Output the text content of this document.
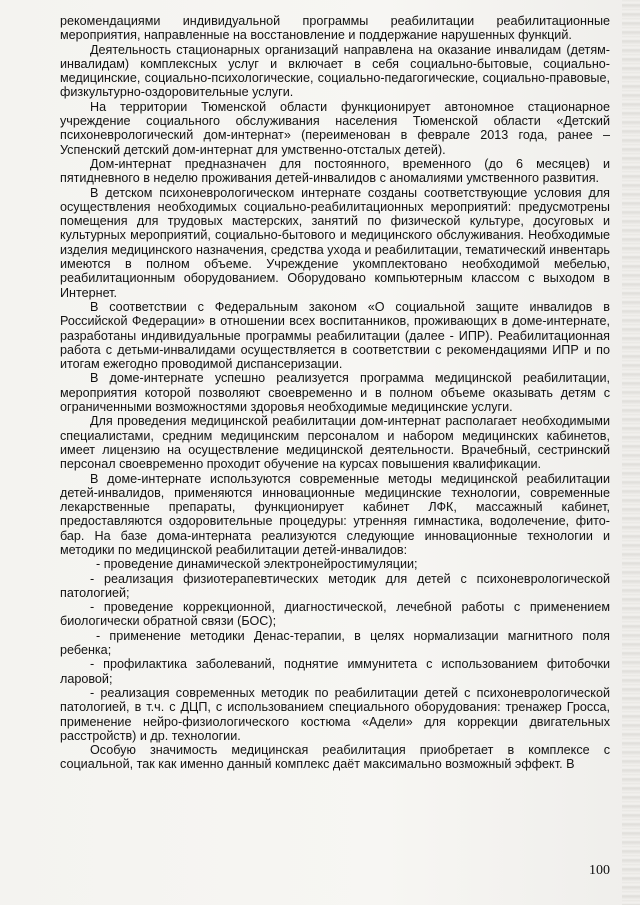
рекомендациями индивидуальной программы реабилитации реабилитационные мероприятия, направленные на восстановление и поддержание нарушенных функций.

Деятельность стационарных организаций направлена на оказание инвалидам (детям-инвалидам) комплексных услуг и включает в себя социально-бытовые, социально-медицинские, социально-психологические, социально-педагогические, социально-правовые, физкультурно-оздоровительные услуги.

На территории Тюменской области функционирует автономное стационарное учреждение социального обслуживания населения Тюменской области «Детский психоневрологический дом-интернат» (переименован в феврале 2013 года, ранее – Успенский детский дом-интернат для умственно-отсталых детей).

Дом-интернат предназначен для постоянного, временного (до 6 месяцев) и пятидневного в неделю проживания детей-инвалидов с аномалиями умственного развития.

В детском психоневрологическом интернате созданы соответствующие условия для осуществления необходимых социально-реабилитационных мероприятий: предусмотрены помещения для трудовых мастерских, занятий по физической культуре, досуговых и культурных мероприятий, социально-бытового и медицинского обслуживания. Необходимые изделия медицинского назначения, средства ухода и реабилитации, тематический инвентарь имеются в полном объеме. Учреждение укомплектовано необходимой мебелью, реабилитационным оборудованием. Оборудовано компьютерным классом с выходом в Интернет.

В соответствии с Федеральным законом «О социальной защите инвалидов в Российской Федерации» в отношении всех воспитанников, проживающих в доме-интернате, разработаны индивидуальные программы реабилитации (далее - ИПР). Реабилитационная работа с детьми-инвалидами осуществляется в соответствии с рекомендациями ИПР и по итогам ежегодно проводимой диспансеризации.

В доме-интернате успешно реализуется программа медицинской реабилитации, мероприятия которой позволяют своевременно и в полном объеме оказывать детям с ограниченными возможностями здоровья необходимые медицинские услуги.

Для проведения медицинской реабилитации дом-интернат располагает необходимыми специалистами, средним медицинским персоналом и набором медицинских кабинетов, имеет лицензию на осуществление медицинской деятельности. Врачебный, сестринский персонал своевременно проходит обучение на курсах повышения квалификации.

В доме-интернате используются современные методы медицинской реабилитации детей-инвалидов, применяются инновационные медицинские технологии, современные лекарственные препараты, функционирует кабинет ЛФК, массажный кабинет, предоставляются оздоровительные процедуры: утренняя гимнастика, водолечение, фито-бар. На базе дома-интерната реализуются следующие инновационные технологии и методики по медицинской реабилитации детей-инвалидов:

- проведение динамической электронейростимуляции;

- реализация физиотерапевтических методик для детей с психоневрологической патологией;

- проведение коррекционной, диагностической, лечебной работы с применением биологически обратной связи (БОС);

- применение методики Денас-терапии, в целях нормализации магнитного поля ребенка;

- профилактика заболеваний, поднятие иммунитета с использованием фитобочки ларовой;

- реализация современных методик по реабилитации детей с психоневрологической патологией, в т.ч. с ДЦП, с использованием специального оборудования: тренажер Гросса, применение нейро-физиологического костюма «Адели» для коррекции двигательных расстройств) и др. технологии.

Особую значимость медицинская реабилитация приобретает в комплексе с социальной, так как именно данный комплекс даёт максимально возможный эффект. В

100
